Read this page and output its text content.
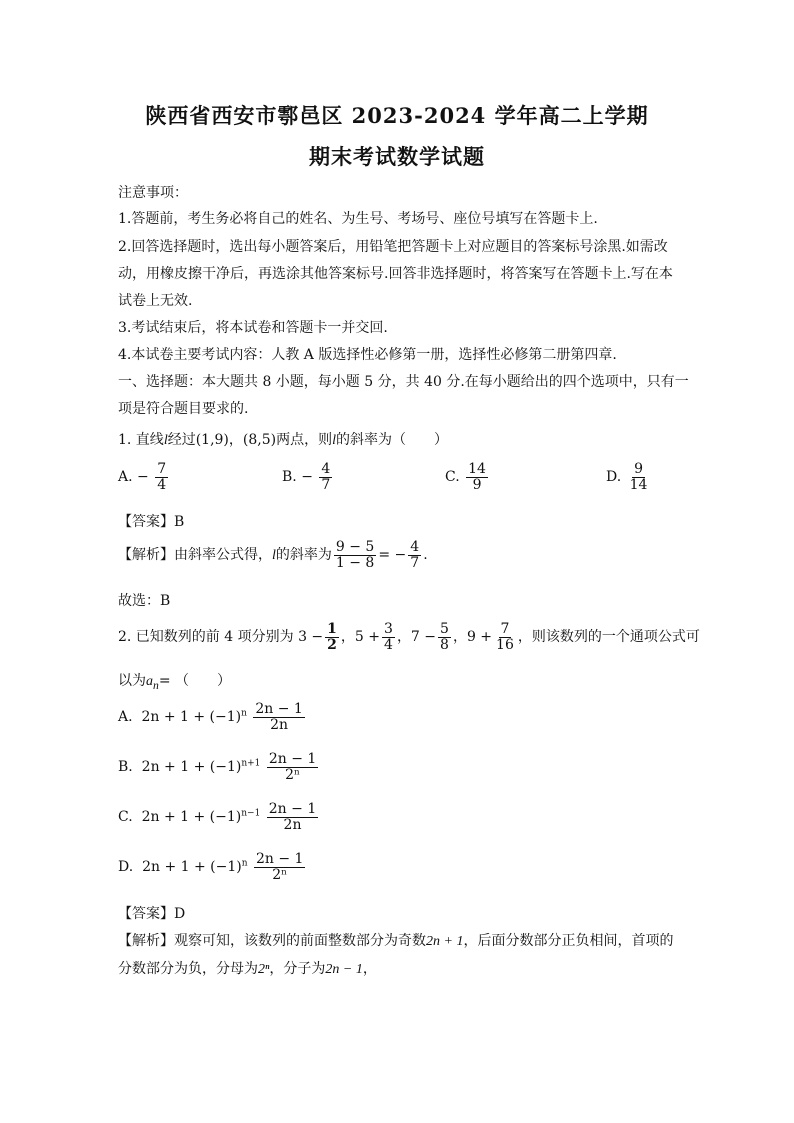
陕西省西安市鄠邑区 2023-2024 学年高二上学期
期末考试数学试题
注意事项：
1.答题前，考生务必将自己的姓名、为生号、考场号、座位号填写在答题卡上.
2.回答选择题时，选出每小题答案后，用铅笔把答题卡上对应题目的答案标号涂黑.如需改
动，用橡皮擦干净后，再选涂其他答案标号.回答非选择题时，将答案写在答题卡上.写在本
试卷上无效.
3.考试结束后，将本试卷和答题卡一并交回.
4.本试卷主要考试内容：人教 A 版选择性必修第一册，选择性必修第二册第四章.
一、选择题：本大题共 8 小题，每小题 5 分，共 40 分.在每小题给出的四个选项中，只有一
项是符合题目要求的.
1. 直线l经过(1,9)，(8,5)两点，则l的斜率为（　　）
A. − $\frac{7}{4}$	B. − $\frac{4}{7}$	C. $\frac{14}{9}$	D. $\frac{9}{14}$
【答案】B
【解析】由斜率公式得，l的斜率为 $\frac{9 - 5}{1 - 8}$ = − $\frac{4}{7}$ .
故选：B
2. 已知数列的前 4 项分别为 $3 - \frac{1}{2}$ ，$5 + \frac{3}{4}$ ，$7 - \frac{5}{8}$ ，$9 + \frac{7}{16}$ ，则该数列的一个通项公式可
以为$a_n=$ （　　）
A. $2n + 1 + (-1)^n \frac{2n - 1}{2n}$
B. $2n + 1 + (-1)^{n+1} \frac{2n - 1}{\text{2ⁿ}}$
C. $2n + 1 + (-1)^{n-1} \frac{2n - 1}{2n}$
D. $2n + 1 + (-1)^n \frac{2n - 1}{\text{2ⁿ}}$
【答案】D
【解析】观察可知，该数列的前面整数部分为奇数2n + 1，后面分数部分正负相间，首项的
分数部分为负，分母为2ⁿ，分子为2n − 1，
